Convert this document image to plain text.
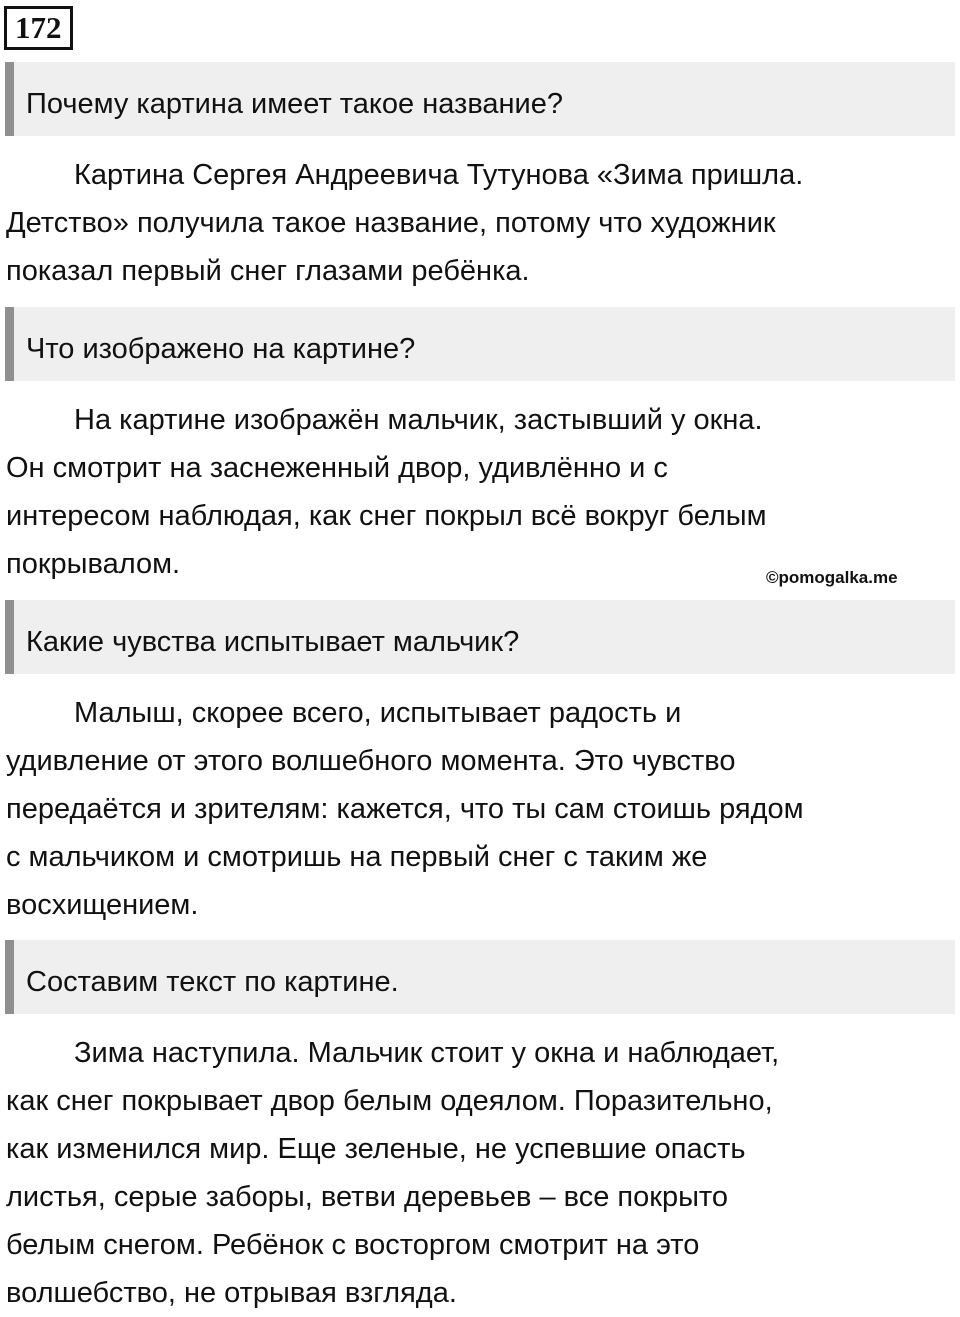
172
Почему картина имеет такое название?
Картина Сергея Андреевича Тутунова «Зима пришла.
Детство» получила такое название, потому что художник
показал первый снег глазами ребёнка.
Что изображено на картине?
На картине изображён мальчик, застывший у окна.
Он смотрит на заснеженный двор, удивлённо и с
интересом наблюдая, как снег покрыл всё вокруг белым
покрывалом.	©pomogalka.me
Какие чувства испытывает мальчик?
Малыш, скорее всего, испытывает радость и
удивление от этого волшебного момента. Это чувство
передаётся и зрителям: кажется, что ты сам стоишь рядом
с мальчиком и смотришь на первый снег с таким же
восхищением.
Составим текст по картине.
Зима наступила. Мальчик стоит у окна и наблюдает,
как снег покрывает двор белым одеялом. Поразительно,
как изменился мир. Еще зеленые, не успевшие опасть
листья, серые заборы, ветви деревьев – все покрыто
белым снегом. Ребёнок с восторгом смотрит на это
волшебство, не отрывая взгляда.
